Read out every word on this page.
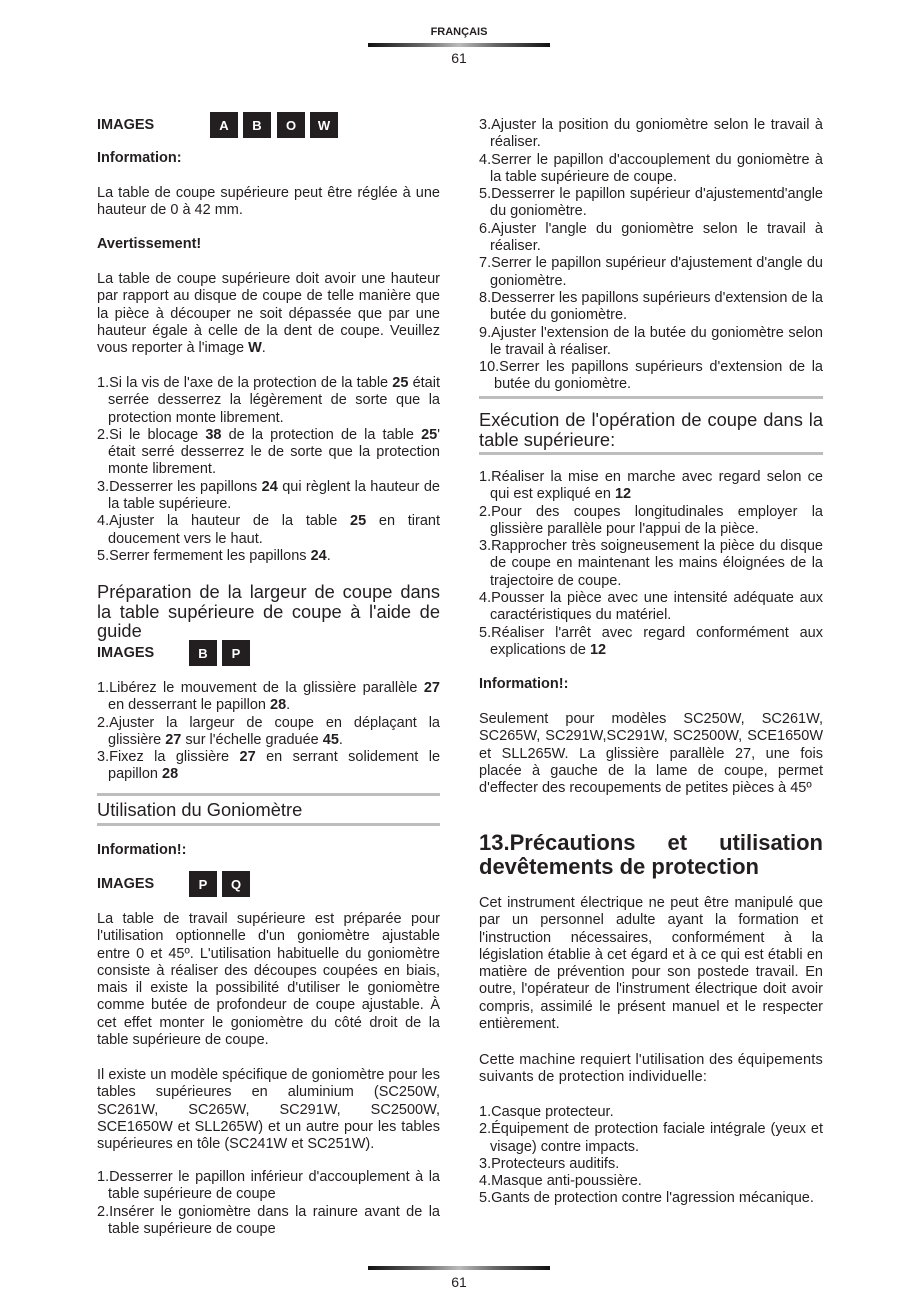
FRANÇAIS
61
IMAGES	A	B	O	W
Information:
La table de coupe supérieure peut être réglée à une hauteur de 0 à 42 mm.
Avertissement!
La table de coupe supérieure doit avoir une hauteur par rapport au disque de coupe de telle manière que la pièce à découper ne soit dépassée que par une hauteur égale à celle de la dent de coupe. Veuillez vous reporter à l'image W.
1.Si la vis de l'axe de la protection de la table 25 était serrée desserrez la légèrement de sorte que la protection monte librement.
2.Si le blocage 38 de la protection de la table 25' était serré desserrez le de sorte que la protection monte librement.
3.Desserrer les papillons 24 qui règlent la hauteur de la table supérieure.
4.Ajuster la hauteur de la table 25 en tirant doucement vers le haut.
5.Serrer fermement les papillons 24.
Préparation de la largeur de coupe dans la table supérieure de coupe à l'aide de guide
IMAGES	B	P
1.Libérez le mouvement de la glissière parallèle 27 en desserrant le papillon 28.
2.Ajuster la largeur de coupe en déplaçant la glissière 27 sur l'échelle graduée 45.
3.Fixez la glissière 27 en serrant solidement le papillon 28
Utilisation du Goniomètre
Information!:
IMAGES	P	Q
La table de travail supérieure est préparée pour l'utilisation optionnelle d'un goniomètre ajustable entre 0 et 45º. L'utilisation habituelle du goniomètre consiste à réaliser des découpes coupées en biais, mais il existe la possibilité d'utiliser le goniomètre comme butée de profondeur de coupe ajustable. À cet effet monter le goniomètre du côté droit de la table supérieure de coupe.
Il existe un modèle spécifique de goniomètre pour les tables supérieures en aluminium (SC250W, SC261W, SC265W, SC291W, SC2500W, SCE1650W et SLL265W) et un autre pour les tables supérieures en tôle (SC241W et SC251W).
1.Desserrer le papillon inférieur d'accouplement à la table supérieure de coupe
2.Insérer le goniomètre dans la rainure avant de la table supérieure de coupe
3.Ajuster la position du goniomètre selon le travail à réaliser.
4.Serrer le papillon d'accouplement du goniomètre à la table supérieure de coupe.
5.Desserrer le papillon supérieur d'ajustementd'angle du goniomètre.
6.Ajuster l'angle du goniomètre selon le travail à réaliser.
7.Serrer le papillon supérieur d'ajustement d'angle du goniomètre.
8.Desserrer les papillons supérieurs d'extension de la butée du goniomètre.
9.Ajuster l'extension de la butée du goniomètre selon le travail à réaliser.
10.Serrer les papillons supérieurs d'extension de la butée du goniomètre.
Exécution de l'opération de coupe dans la table supérieure:
1.Réaliser la mise en marche avec regard selon ce qui est expliqué en 12
2.Pour des coupes longitudinales employer la glissière parallèle pour l'appui de la pièce.
3.Rapprocher très soigneusement la pièce du disque de coupe en maintenant les mains éloignées de la trajectoire de coupe.
4.Pousser la pièce avec une intensité adéquate aux caractéristiques du matériel.
5.Réaliser l'arrêt avec regard conformément aux explications de 12
Information!:
Seulement pour modèles SC250W, SC261W, SC265W, SC291W,SC291W, SC2500W, SCE1650W et SLL265W. La glissière parallèle 27, une fois placée à gauche de la lame de coupe, permet d'effecter des recoupements de petites pièces à 45º
13.Précautions et utilisation devêtements de protection
Cet instrument électrique ne peut être manipulé que par un personnel adulte ayant la formation et l'instruction nécessaires, conformément à la législation établie à cet égard et à ce qui est établi en matière de prévention pour son postede travail. En outre, l'opérateur de l'instrument électrique doit avoir compris, assimilé le présent manuel et le respecter entièrement.
Cette machine requiert l'utilisation des équipements suivants de protection individuelle:
1.Casque protecteur.
2.Équipement de protection faciale intégrale (yeux et visage) contre impacts.
3.Protecteurs auditifs.
4.Masque anti-poussière.
5.Gants de protection contre l'agression mécanique.
61
